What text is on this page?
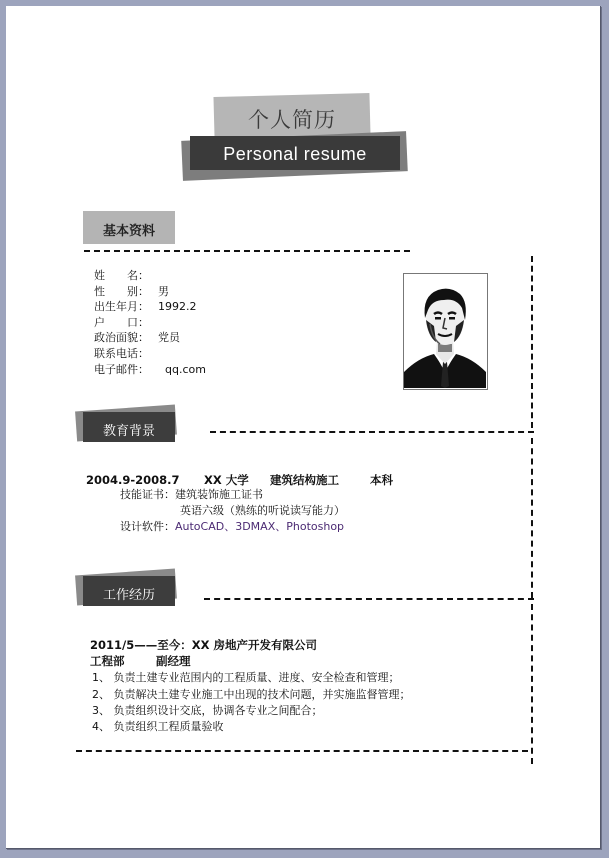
个人简历
Personal resume
基本资料
姓　　名：
性　　别： 男
出生年月： 1992.2
户　　口：
政治面貌： 党员
联系电话：
电子邮件：  qq.com
教育背景
2004.9-2008.7 XX 大学 建筑结构施工	本科
技能证书：建筑装饰施工证书
英语六级（熟练的听说读写能力）
设计软件：AutoCAD、3DMAX、Photoshop
工作经历
2011/5——至今：XX 房地产开发有限公司
工程部	副经理
1、 负责土建专业范围内的工程质量、进度、安全检查和管理；
2、 负责解决土建专业施工中出现的技术问题，并实施监督管理；
3、 负责组织设计交底，协调各专业之间配合；
4、 负责组织工程质量验收
